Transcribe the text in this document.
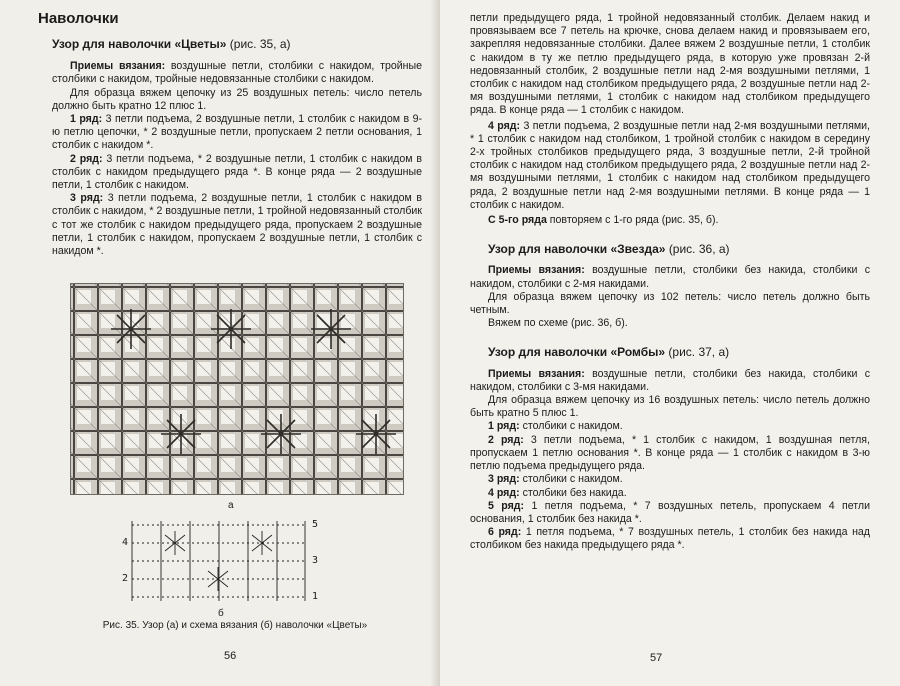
Наволочки

Узор для наволочки «Цветы» (рис. 35, а)

Приемы вязания: воздушные петли, столбики с накидом, тройные столбики с накидом, тройные недовязанные столбики с накидом.

Для образца вяжем цепочку из 25 воздушных петель: число петель должно быть кратно 12 плюс 1.

1 ряд: 3 петли подъема, 2 воздушные петли, 1 столбик с накидом в 9-ю петлю цепочки, * 2 воздушные петли, пропускаем 2 петли основания, 1 столбик с накидом *.

2 ряд: 3 петли подъема, * 2 воздушные петли, 1 столбик с накидом в столбик с накидом предыдущего ряда *. В конце ряда — 2 воздушные петли, 1 столбик с накидом.

3 ряд: 3 петли подъема, 2 воздушные петли, 1 столбик с накидом в столбик с накидом, * 2 воздушные петли, 1 тройной недовязанный столбик с тот же столбик с накидом предыдущего ряда, пропускаем 2 воздушные петли, 1 столбик с накидом, пропускаем 2 воздушные петли, 1 столбик с накидом *.

а
5
4
3
2
1
б
Рис. 35. Узор (а) и схема вязания (б) наволочки «Цветы»
56

петли предыдущего ряда, 1 тройной недовязанный столбик. Делаем накид и провязываем все 7 петель на крючке, снова делаем накид и провязываем его, закрепляя недовязанные столбики. Далее вяжем 2 воздушные петли, 1 столбик с накидом в ту же петлю предыдущего ряда, в которую уже провязан 2-й недовязанный столбик, 2 воздушные петли над 2-мя воздушными петлями, 1 столбик с накидом над столбиком предыдущего ряда, 2 воздушные петли над 2-мя воздушными петлями, 1 столбик с накидом над столбиком предыдущего ряда. В конце ряда — 1 столбик с накидом.

4 ряд: 3 петли подъема, 2 воздушные петли над 2-мя воздушными петлями, * 1 столбик с накидом над столбиком, 1 тройной столбик с накидом в середину 2-х тройных столбиков предыдущего ряда, 3 воздушные петли, 2-й тройной столбик с накидом над столбиком предыдущего ряда, 2 воздушные петли над 2-мя воздушными петлями, 1 столбик с накидом над столбиком предыдущего ряда, 2 воздушные петли над 2-мя воздушными петлями. В конце ряда — 1 столбик с накидом.

С 5-го ряда повторяем с 1-го ряда (рис. 35, б).

Узор для наволочки «Звезда» (рис. 36, а)

Приемы вязания: воздушные петли, столбики без накида, столбики с накидом, столбики с 2-мя накидами.

Для образца вяжем цепочку из 102 петель: число петель должно быть четным.

Вяжем по схеме (рис. 36, б).

Узор для наволочки «Ромбы» (рис. 37, а)

Приемы вязания: воздушные петли, столбики без накида, столбики с накидом, столбики с 3-мя накидами.

Для образца вяжем цепочку из 16 воздушных петель: число петель должно быть кратно 5 плюс 1.

1 ряд: столбики с накидом.

2 ряд: 3 петли подъема, * 1 столбик с накидом, 1 воздушная петля, пропускаем 1 петлю основания *. В конце ряда — 1 столбик с накидом в 3-ю петлю подъема предыдущего ряда.

3 ряд: столбики с накидом.

4 ряд: столбики без накида.

5 ряд: 1 петля подъема, * 7 воздушных петель, пропускаем 4 петли основания, 1 столбик без накида *.

6 ряд: 1 петля подъема, * 7 воздушных петель, 1 столбик без накида над столбиком без накида предыдущего ряда *.

57
